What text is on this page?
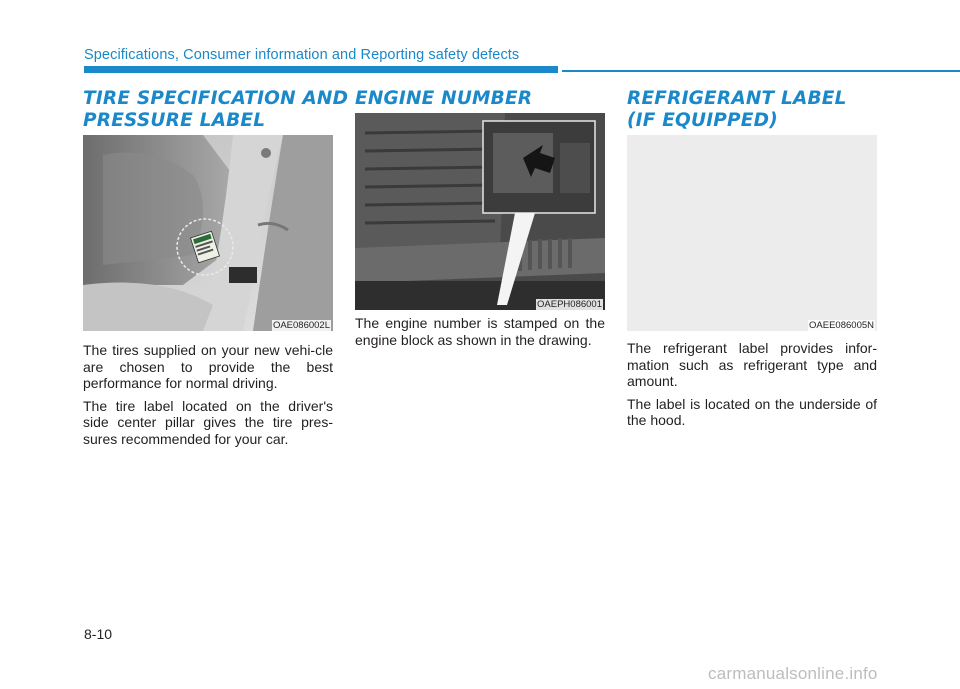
Specifications, Consumer information and Reporting safety defects
TIRE SPECIFICATION AND
PRESSURE LABEL
OAE086002L

The tires supplied on your new vehi-cle are chosen to provide the best performance for normal driving.

The tire label located on the driver's side center pillar gives the tire pres-sures recommended for your car.

ENGINE NUMBER
OAEPH086001

The engine number is stamped on the engine block as shown in the drawing.

REFRIGERANT LABEL
(IF EQUIPPED)
OAEE086005N

The refrigerant label provides infor-mation such as refrigerant type and amount.

The label is located on the underside of the hood.

8-10
carmanualsonline.info
